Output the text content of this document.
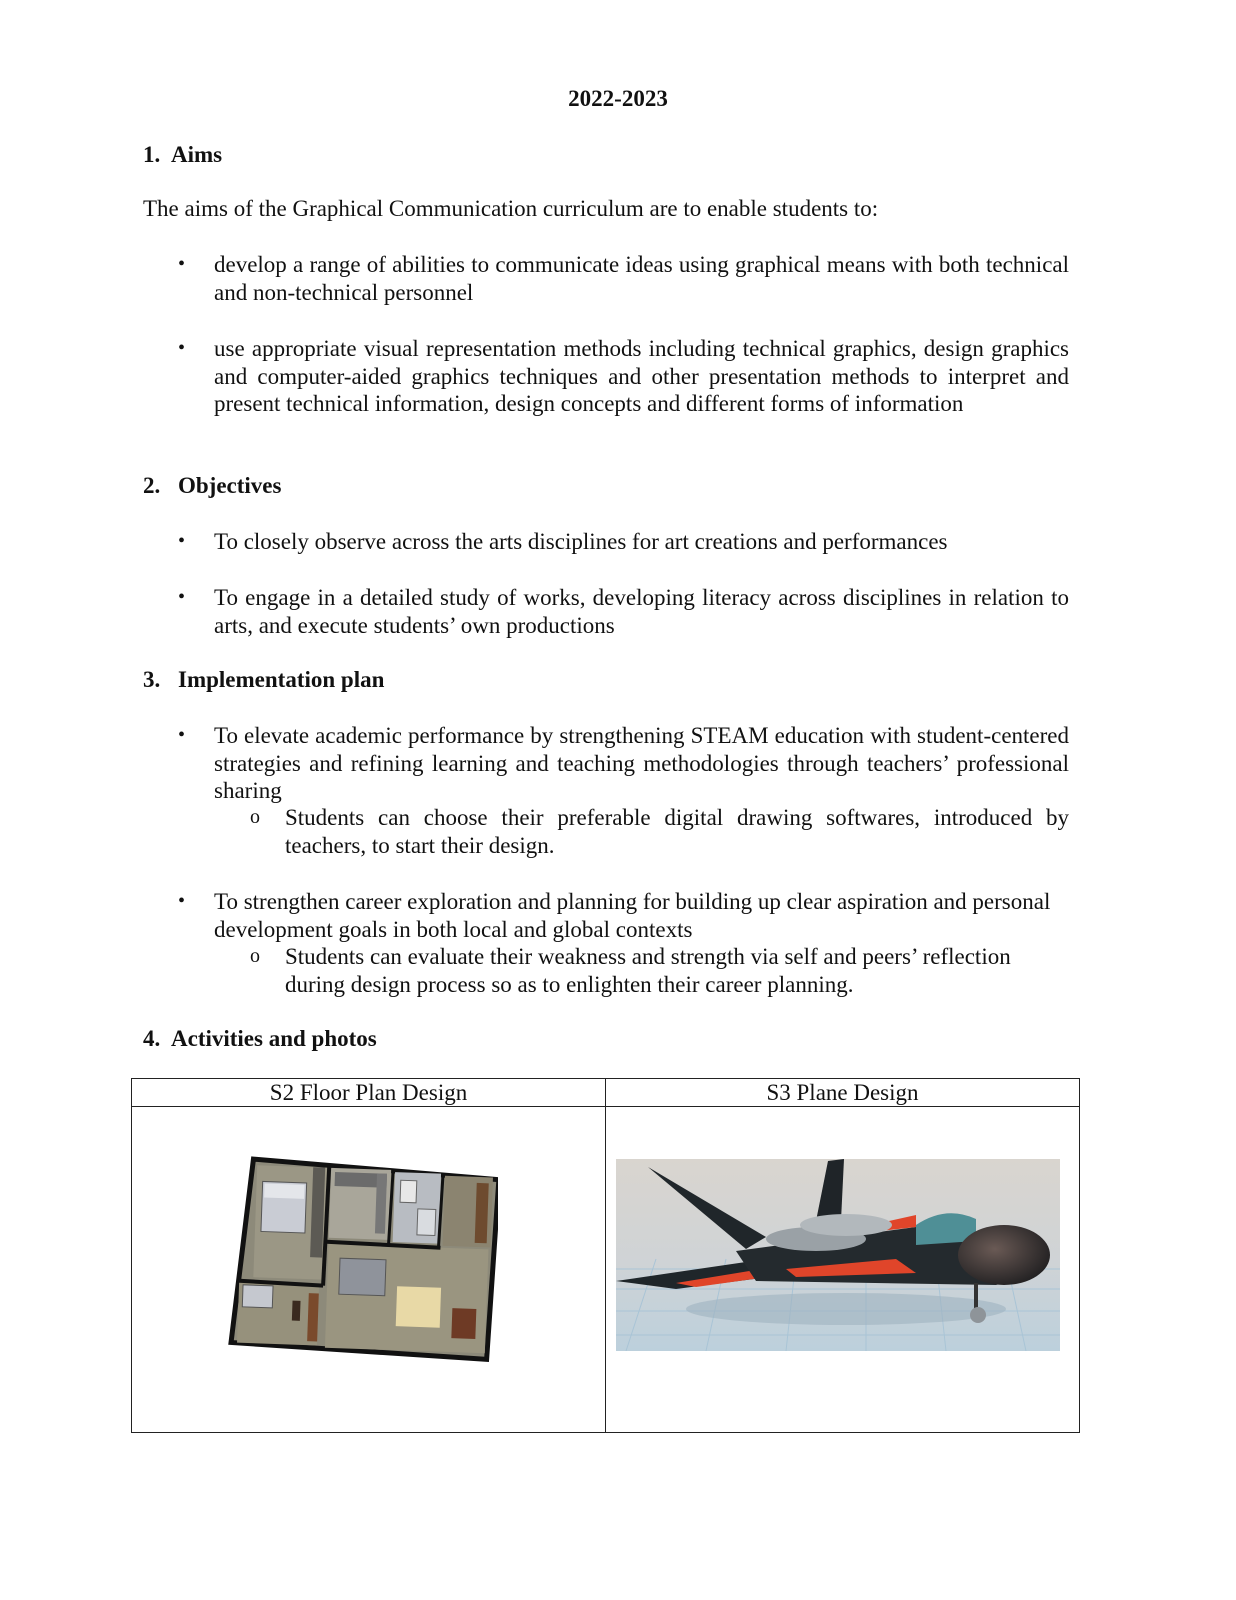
2022-2023
1. Aims
The aims of the Graphical Communication curriculum are to enable students to:
• develop a range of abilities to communicate ideas using graphical means with both technical and non-technical personnel
• use appropriate visual representation methods including technical graphics, design graphics and computer-aided graphics techniques and other presentation methods to interpret and present technical information, design concepts and different forms of information
2. Objectives
• To closely observe across the arts disciplines for art creations and performances
• To engage in a detailed study of works, developing literacy across disciplines in relation to arts, and execute students’ own productions
3. Implementation plan
• To elevate academic performance by strengthening STEAM education with student-centered strategies and refining learning and teaching methodologies through teachers’ professional sharing
o Students can choose their preferable digital drawing softwares, introduced by teachers, to start their design.
• To strengthen career exploration and planning for building up clear aspiration and personal development goals in both local and global contexts
o Students can evaluate their weakness and strength via self and peers’ reflection during design process so as to enlighten their career planning.
4. Activities and photos
S2 Floor Plan Design	S3 Plane Design
